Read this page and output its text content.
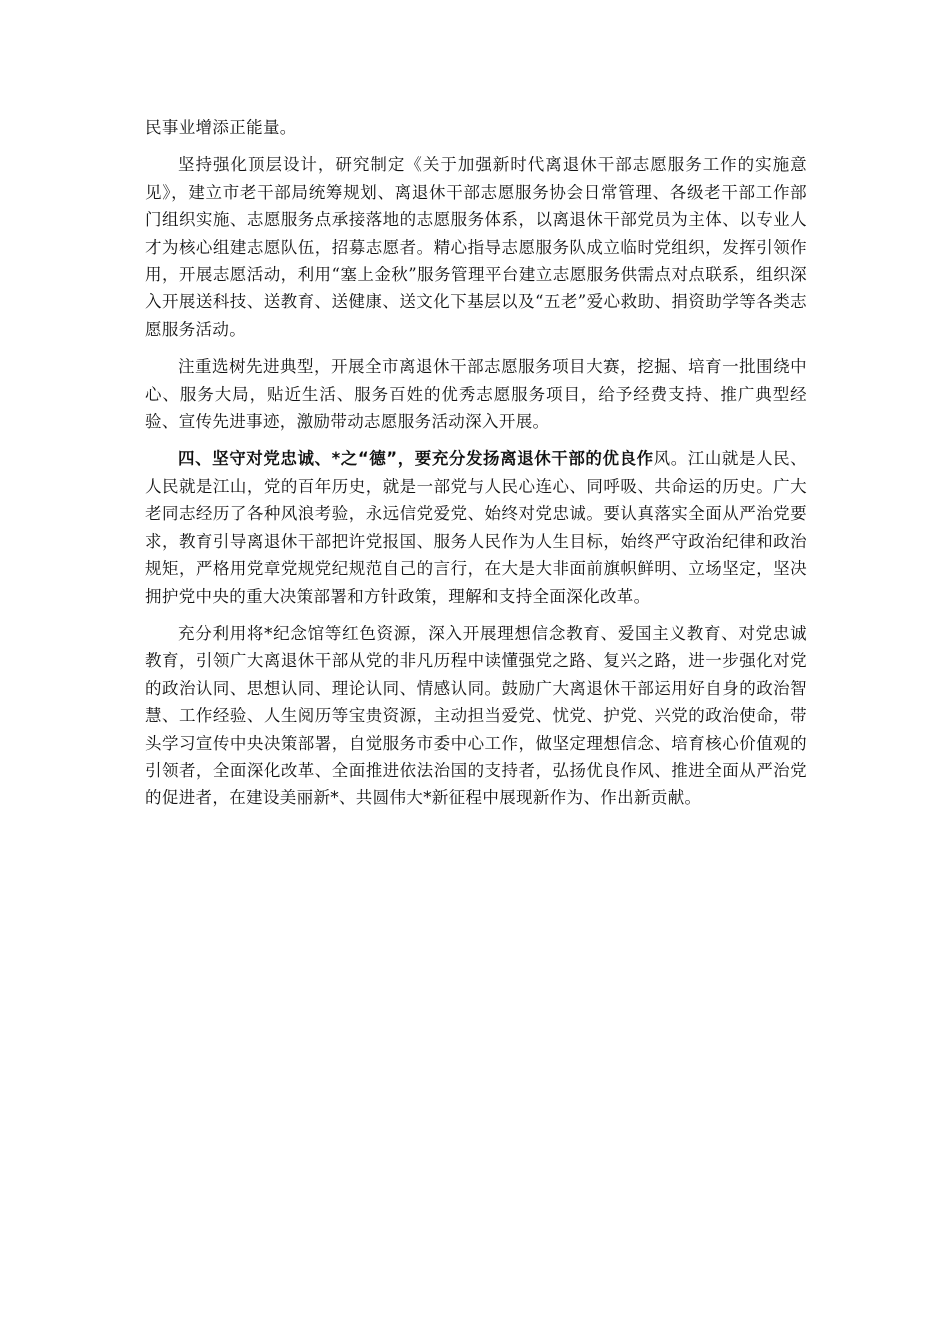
民事业增添正能量。

坚持强化顶层设计，研究制定《关于加强新时代离退休干部志愿服务工作的实施意见》，建立市老干部局统筹规划、离退休干部志愿服务协会日常管理、各级老干部工作部门组织实施、志愿服务点承接落地的志愿服务体系，以离退休干部党员为主体、以专业人才为核心组建志愿队伍，招募志愿者。精心指导志愿服务队成立临时党组织，发挥引领作用，开展志愿活动，利用“塞上金秋”服务管理平台建立志愿服务供需点对点联系，组织深入开展送科技、送教育、送健康、送文化下基层以及“五老”爱心救助、捐资助学等各类志愿服务活动。

注重选树先进典型，开展全市离退休干部志愿服务项目大赛，挖掘、培育一批围绕中心、服务大局，贴近生活、服务百姓的优秀志愿服务项目，给予经费支持、推广典型经验、宣传先进事迹，激励带动志愿服务活动深入开展。

四、坚守对党忠诚、*之“德”，要充分发扬离退休干部的优良作风。江山就是人民、人民就是江山，党的百年历史，就是一部党与人民心连心、同呼吸、共命运的历史。广大老同志经历了各种风浪考验，永远信党爱党、始终对党忠诚。要认真落实全面从严治党要求，教育引导离退休干部把许党报国、服务人民作为人生目标，始终严守政治纪律和政治规矩，严格用党章党规党纪规范自己的言行，在大是大非面前旗帜鲜明、立场坚定，坚决拥护党中央的重大决策部署和方针政策，理解和支持全面深化改革。

充分利用将*纪念馆等红色资源，深入开展理想信念教育、爱国主义教育、对党忠诚教育，引领广大离退休干部从党的非凡历程中读懂强党之路、复兴之路，进一步强化对党的政治认同、思想认同、理论认同、情感认同。鼓励广大离退休干部运用好自身的政治智慧、工作经验、人生阅历等宝贵资源，主动担当爱党、忧党、护党、兴党的政治使命，带头学习宣传中央决策部署，自觉服务市委中心工作，做坚定理想信念、培育核心价值观的引领者，全面深化改革、全面推进依法治国的支持者，弘扬优良作风、推进全面从严治党的促进者，在建设美丽新*、共圆伟大*新征程中展现新作为、作出新贡献。
